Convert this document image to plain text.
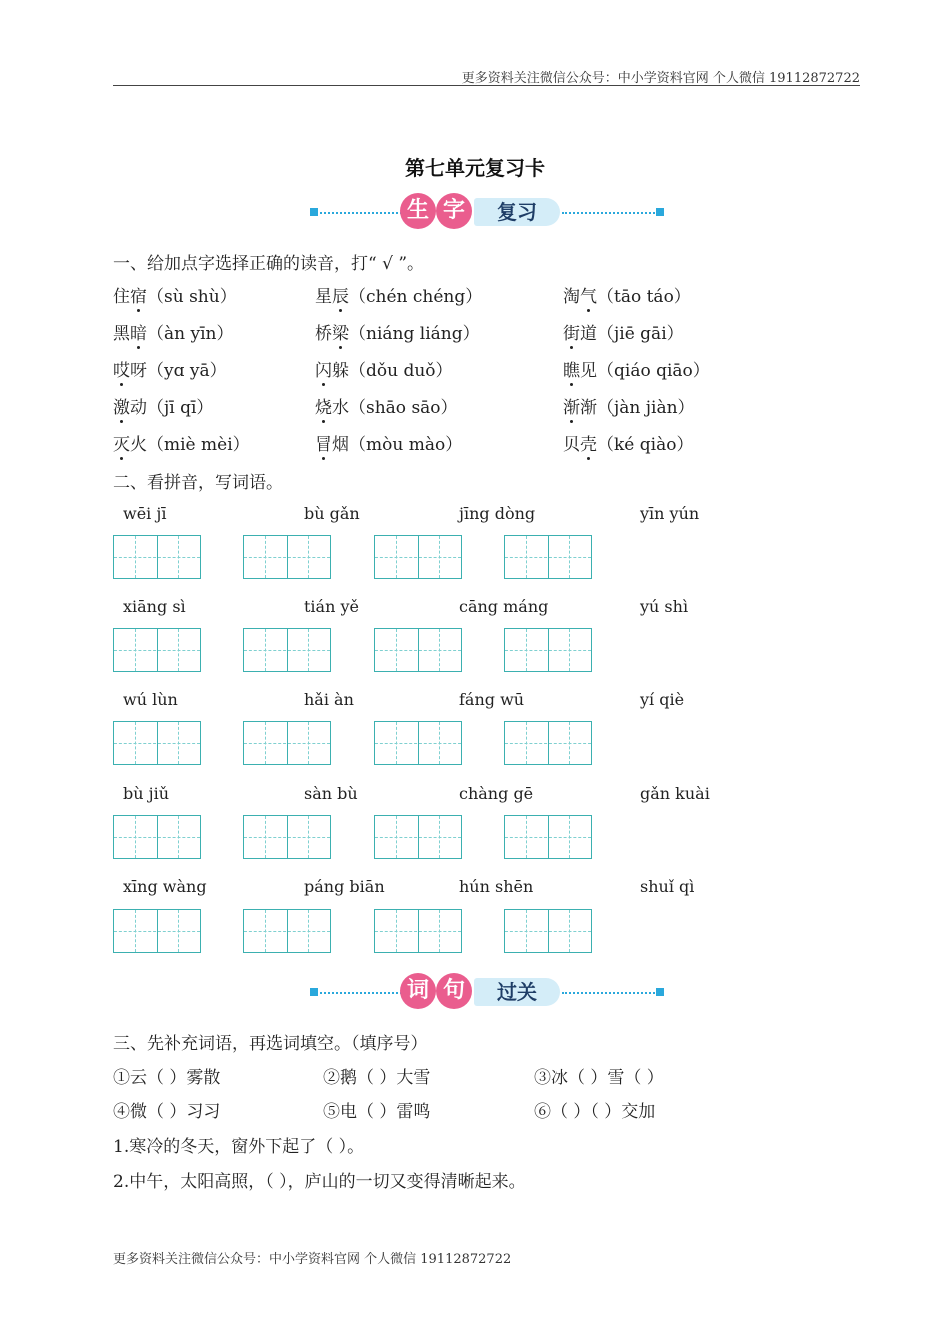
更多资料关注微信公众号：中小学资料官网 个人微信 19112872722
第七单元复习卡
生 字	复习
一、给加点字选择正确的读音，打“ √ ”。
住宿（sù shù）	星辰（chén chéng）	淘气（tāo táo）
黑暗（àn yīn）	桥梁（niáng liáng）	街道（jiē gāi）
哎呀（yɑ yā）	闪躲（dǒu duǒ）	瞧见（qiáo qiāo）
激动（jī qī）	烧水（shāo sāo）	渐渐（jàn jiàn）
灭火（miè mèi）	冒烟（mòu mào）	贝壳（ké qiào）
二、看拼音，写词语。
wēi jī	bù gǎn	jīng dòng	yīn yún
xiāng sì	tián yě	cāng máng	yú shì
wú lùn	hǎi àn	fáng wū	yí qiè
bù jiǔ	sàn bù	chàng gē	gǎn kuài
xīng wàng	páng biān	hún shēn	shuǐ qì
词 句	过关
三、先补充词语，再选词填空。（填序号）
①云（ ）雾散	②鹅（ ）大雪	③冰（ ）雪（ ）
④微（ ）习习	⑤电（ ）雷鸣	⑥（ ）（ ）交加
1.寒冷的冬天，窗外下起了（ ）。
2.中午，太阳高照，（ ），庐山的一切又变得清晰起来。
更多资料关注微信公众号：中小学资料官网 个人微信 19112872722
